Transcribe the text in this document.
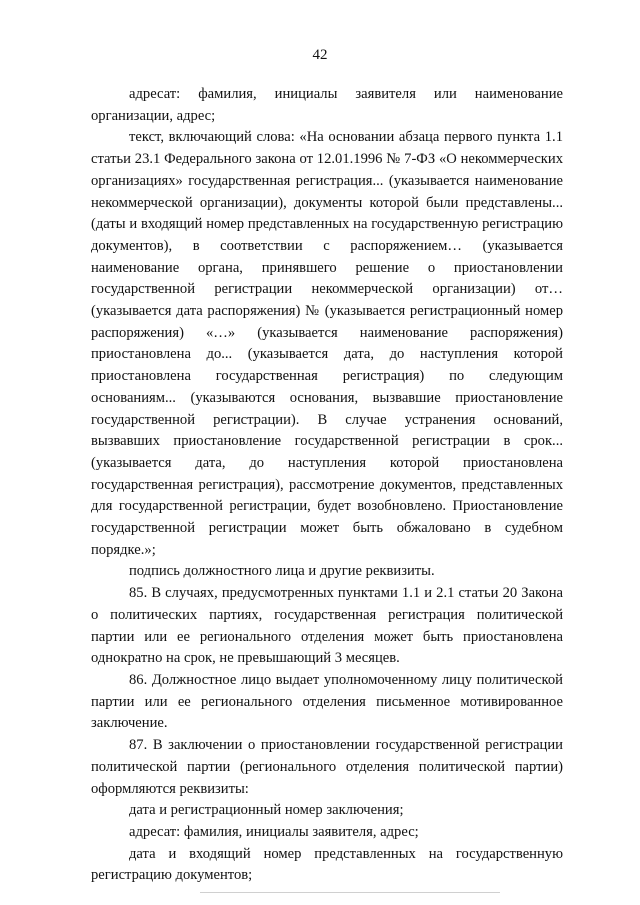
42

адресат: фамилия, инициалы заявителя или наименование организации, адрес;

текст, включающий слова: «На основании абзаца первого пункта 1.1 статьи 23.1 Федерального закона от 12.01.1996 № 7-ФЗ «О некоммерческих организациях» государственная регистрация... (указывается наименование некоммерческой организации), документы которой были представлены... (даты и входящий номер представленных на государственную регистрацию документов), в соответствии с распоряжением… (указывается наименование органа, принявшего решение о приостановлении государственной регистрации некоммерческой организации) от… (указывается дата распоряжения) № (указывается регистрационный номер распоряжения) «…» (указывается наименование распоряжения) приостановлена до... (указывается дата, до наступления которой приостановлена государственная регистрация) по следующим основаниям... (указываются основания, вызвавшие приостановление государственной регистрации). В случае устранения оснований, вызвавших приостановление государственной регистрации в срок... (указывается дата, до наступления которой приостановлена государственная регистрация), рассмотрение документов, представленных для государственной регистрации, будет возобновлено. Приостановление государственной регистрации может быть обжаловано в судебном порядке.»;

подпись должностного лица и другие реквизиты.

85. В случаях, предусмотренных пунктами 1.1 и 2.1 статьи 20 Закона о политических партиях, государственная регистрация политической партии или ее регионального отделения может быть приостановлена однократно на срок, не превышающий 3 месяцев.

86. Должностное лицо выдает уполномоченному лицу политической партии или ее регионального отделения письменное мотивированное заключение.

87. В заключении о приостановлении государственной регистрации политической партии (регионального отделения политической партии) оформляются реквизиты:

дата и регистрационный номер заключения;

адресат: фамилия, инициалы заявителя, адрес;

дата и входящий номер представленных на государственную регистрацию документов;
